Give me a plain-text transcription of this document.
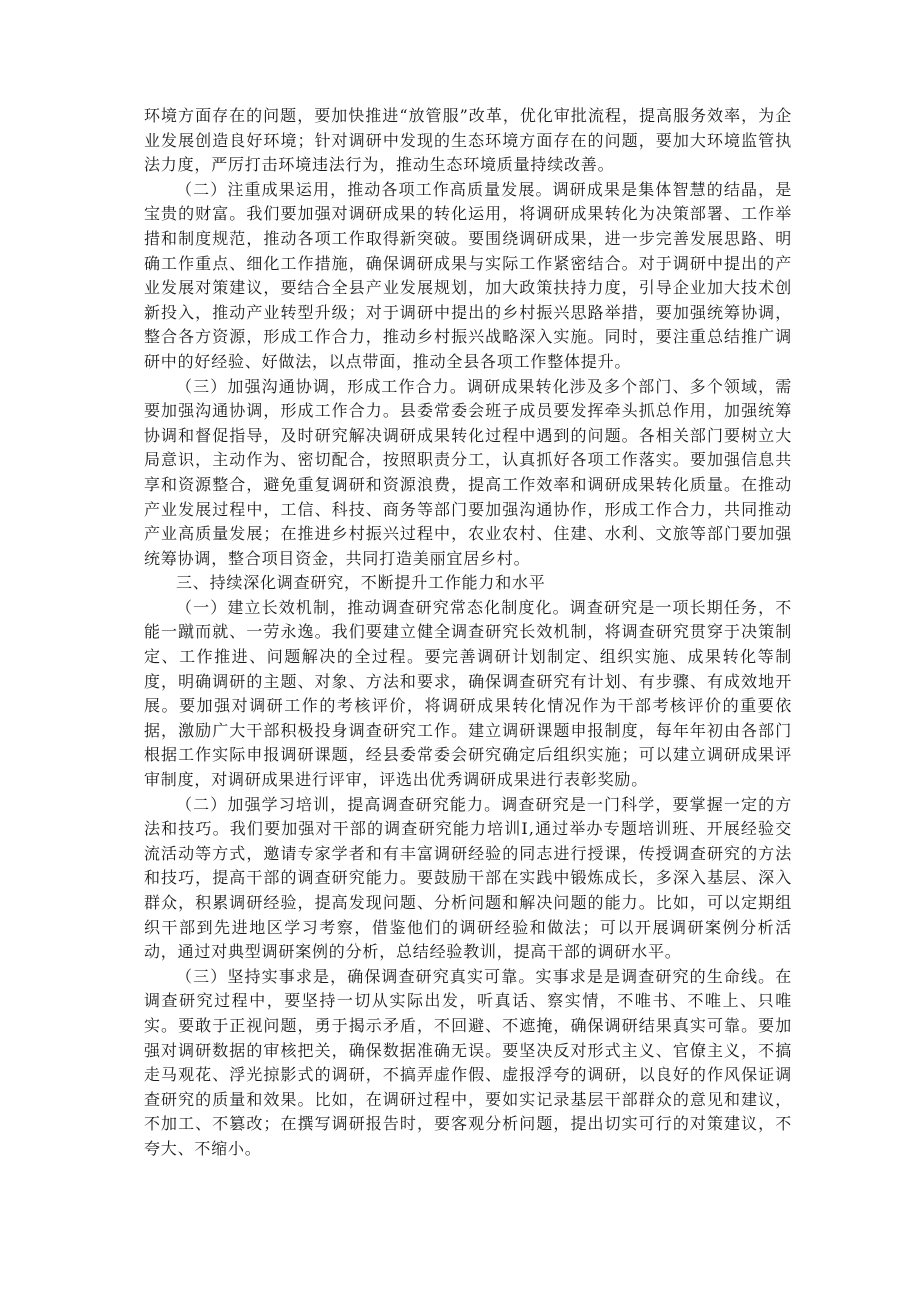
环境方面存在的问题，要加快推进“放管服”改革，优化审批流程，提高服务效率，为企业发展创造良好环境；针对调研中发现的生态环境方面存在的问题，要加大环境监管执法力度，严厉打击环境违法行为，推动生态环境质量持续改善。

（二）注重成果运用，推动各项工作高质量发展。调研成果是集体智慧的结晶，是宝贵的财富。我们要加强对调研成果的转化运用，将调研成果转化为决策部署、工作举措和制度规范，推动各项工作取得新突破。要围绕调研成果，进一步完善发展思路、明确工作重点、细化工作措施，确保调研成果与实际工作紧密结合。对于调研中提出的产业发展对策建议，要结合全县产业发展规划，加大政策扶持力度，引导企业加大技术创新投入，推动产业转型升级；对于调研中提出的乡村振兴思路举措，要加强统筹协调，整合各方资源，形成工作合力，推动乡村振兴战略深入实施。同时，要注重总结推广调研中的好经验、好做法，以点带面，推动全县各项工作整体提升。

（三）加强沟通协调，形成工作合力。调研成果转化涉及多个部门、多个领域，需要加强沟通协调，形成工作合力。县委常委会班子成员要发挥牵头抓总作用，加强统筹协调和督促指导，及时研究解决调研成果转化过程中遇到的问题。各相关部门要树立大局意识，主动作为、密切配合，按照职责分工，认真抓好各项工作落实。要加强信息共享和资源整合，避免重复调研和资源浪费，提高工作效率和调研成果转化质量。在推动产业发展过程中，工信、科技、商务等部门要加强沟通协作，形成工作合力，共同推动产业高质量发展；在推进乡村振兴过程中，农业农村、住建、水利、文旅等部门要加强统筹协调，整合项目资金，共同打造美丽宜居乡村。

三、持续深化调查研究，不断提升工作能力和水平

（一）建立长效机制，推动调查研究常态化制度化。调查研究是一项长期任务，不能一蹴而就、一劳永逸。我们要建立健全调查研究长效机制，将调查研究贯穿于决策制定、工作推进、问题解决的全过程。要完善调研计划制定、组织实施、成果转化等制度，明确调研的主题、对象、方法和要求，确保调查研究有计划、有步骤、有成效地开展。要加强对调研工作的考核评价，将调研成果转化情况作为干部考核评价的重要依据，激励广大干部积极投身调查研究工作。建立调研课题申报制度，每年年初由各部门根据工作实际申报调研课题，经县委常委会研究确定后组织实施；可以建立调研成果评审制度，对调研成果进行评审，评选出优秀调研成果进行表彰奖励。

（二）加强学习培训，提高调查研究能力。调查研究是一门科学，要掌握一定的方法和技巧。我们要加强对干部的调查研究能力培训Ⅰ,通过举办专题培训班、开展经验交流活动等方式，邀请专家学者和有丰富调研经验的同志进行授课，传授调查研究的方法和技巧，提高干部的调查研究能力。要鼓励干部在实践中锻炼成长，多深入基层、深入群众，积累调研经验，提高发现问题、分析问题和解决问题的能力。比如，可以定期组织干部到先进地区学习考察，借鉴他们的调研经验和做法；可以开展调研案例分析活动，通过对典型调研案例的分析，总结经验教训，提高干部的调研水平。

（三）坚持实事求是，确保调查研究真实可靠。实事求是是调查研究的生命线。在调查研究过程中，要坚持一切从实际出发，听真话、察实情，不唯书、不唯上、只唯实。要敢于正视问题，勇于揭示矛盾，不回避、不遮掩，确保调研结果真实可靠。要加强对调研数据的审核把关，确保数据准确无误。要坚决反对形式主义、官僚主义，不搞走马观花、浮光掠影式的调研，不搞弄虚作假、虚报浮夸的调研，以良好的作风保证调查研究的质量和效果。比如，在调研过程中，要如实记录基层干部群众的意见和建议，不加工、不篡改；在撰写调研报告时，要客观分析问题，提出切实可行的对策建议，不夸大、不缩小。
